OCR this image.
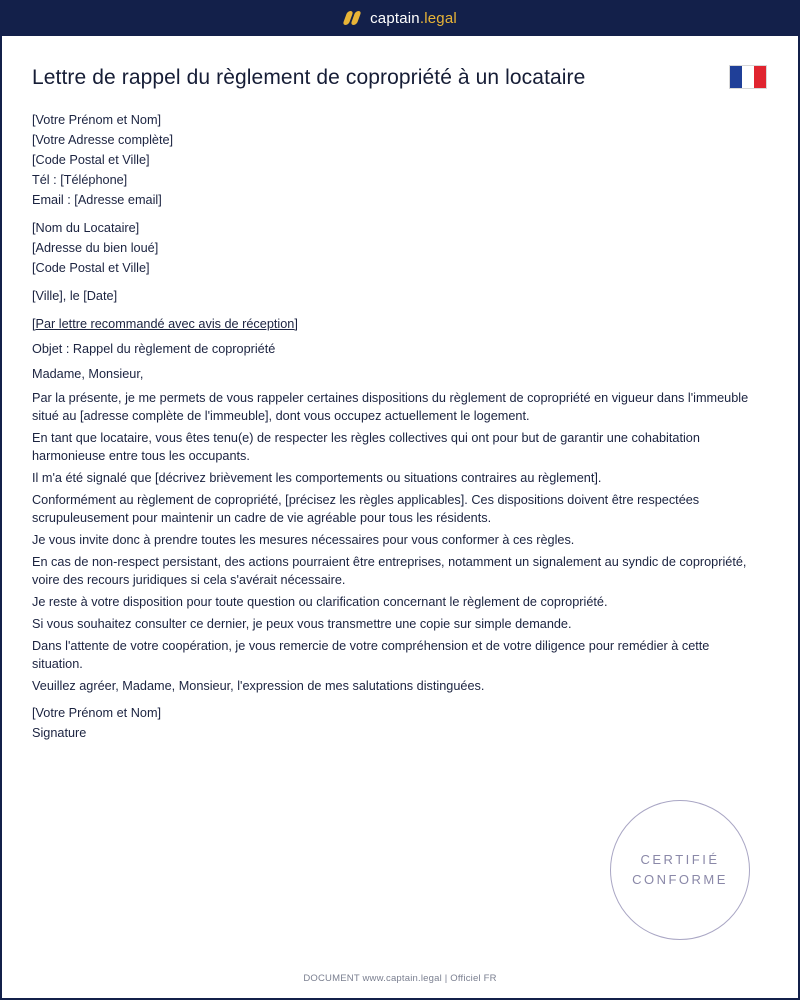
captain.legal
Lettre de rappel du règlement de copropriété à un locataire
[Votre Prénom et Nom]
[Votre Adresse complète]
[Code Postal et Ville]
Tél : [Téléphone]
Email : [Adresse email]
[Nom du Locataire]
[Adresse du bien loué]
[Code Postal et Ville]
[Ville], le [Date]
[Par lettre recommandé avec avis de réception]
Objet : Rappel du règlement de copropriété
Madame, Monsieur,
Par la présente, je me permets de vous rappeler certaines dispositions du règlement de copropriété en vigueur dans l'immeuble situé au [adresse complète de l'immeuble], dont vous occupez actuellement le logement.
En tant que locataire, vous êtes tenu(e) de respecter les règles collectives qui ont pour but de garantir une cohabitation harmonieuse entre tous les occupants.
Il m'a été signalé que [décrivez brièvement les comportements ou situations contraires au règlement].
Conformément au règlement de copropriété, [précisez les règles applicables]. Ces dispositions doivent être respectées scrupuleusement pour maintenir un cadre de vie agréable pour tous les résidents.
Je vous invite donc à prendre toutes les mesures nécessaires pour vous conformer à ces règles.
En cas de non-respect persistant, des actions pourraient être entreprises, notamment un signalement au syndic de copropriété, voire des recours juridiques si cela s'avérait nécessaire.
Je reste à votre disposition pour toute question ou clarification concernant le règlement de copropriété.
Si vous souhaitez consulter ce dernier, je peux vous transmettre une copie sur simple demande.
Dans l'attente de votre coopération, je vous remercie de votre compréhension et de votre diligence pour remédier à cette situation.
Veuillez agréer, Madame, Monsieur, l'expression de mes salutations distinguées.
[Votre Prénom et Nom]
Signature
CERTIFIÉ
CONFORME
DOCUMENT www.captain.legal | Officiel FR
